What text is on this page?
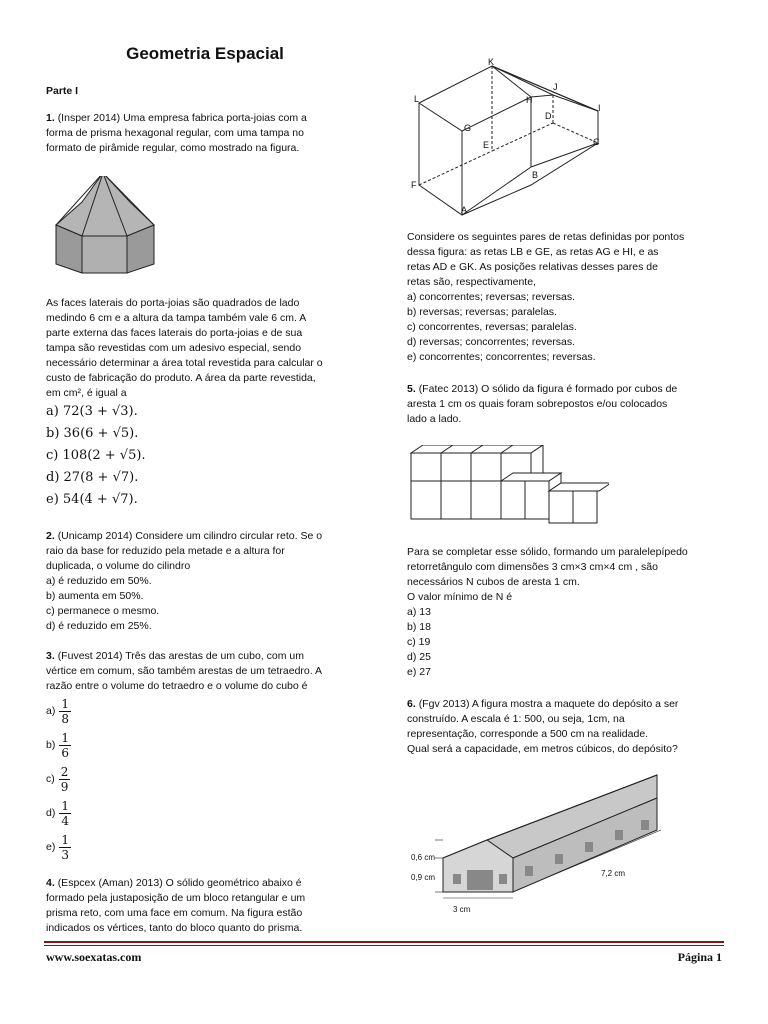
Geometria Espacial
Parte I

1. (Insper 2014) Uma empresa fabrica porta-joias com a

forma de prisma hexagonal regular, com uma tampa no

formato de pirâmide regular, como mostrado na figura.

As faces laterais do porta-joias são quadrados de lado

medindo 6 cm e a altura da tampa também vale 6 cm. A

parte externa das faces laterais do porta-joias e de sua

tampa são revestidas com um adesivo especial, sendo

necessário determinar a área total revestida para calcular o

custo de fabricação do produto. A área da parte revestida,

em cm², é igual a

a) 72(3 + √3).

b) 36(6 + √5).

c) 108(2 + √5).

d) 27(8 + √7).

e) 54(4 + √7).

2. (Unicamp 2014) Considere um cilindro circular reto. Se o

raio da base for reduzido pela metade e a altura for

duplicada, o volume do cilindro

a) é reduzido em 50%.

b) aumenta em 50%.

c) permanece o mesmo.

d) é reduzido em 25%.

3. (Fuvest 2014) Três das arestas de um cubo, com um

vértice em comum, são também arestas de um tetraedro. A

razão entre o volume do tetraedro e o volume do cubo é

$a) \frac{1}{8}$
$b) \frac{1}{6}$
$c) \frac{2}{9}$
$d) \frac{1}{4}$
$e) \frac{1}{3}$

4. (Espcex (Aman) 2013) O sólido geométrico abaixo é

formado pela justaposição de um bloco retangular e um

prisma reto, com uma face em comum. Na figura estão

indicados os vértices, tanto do bloco quanto do prisma.

K
J
L	H
I
D
G
E	C
F
B
A

Considere os seguintes pares de retas definidas por pontos

dessa figura: as retas LB e GE, as retas AG e HI, e as

retas AD e GK. As posições relativas desses pares de

retas são, respectivamente,

a) concorrentes; reversas; reversas.

b) reversas; reversas; paralelas.

c) concorrentes, reversas; paralelas.

d) reversas; concorrentes; reversas.

e) concorrentes; concorrentes; reversas.

5. (Fatec 2013) O sólido da figura é formado por cubos de

aresta 1 cm os quais foram sobrepostos e/ou colocados

lado a lado.

Para se completar esse sólido, formando um paralelepípedo

retorretângulo com dimensões 3 cm×3 cm×4 cm , são

necessários N cubos de aresta 1 cm.

O valor mínimo de N é

a) 13

b) 18

c) 19

d) 25

e) 27

6. (Fgv 2013) A figura mostra a maquete do depósito a ser

construído. A escala é 1: 500, ou seja, 1cm, na

representação, corresponde a 500 cm na realidade.

Qual será a capacidade, em metros cúbicos, do depósito?

0,6 cm
0,9 cm	7,2 cm
3 cm
www.soexatas.com	Página 1
